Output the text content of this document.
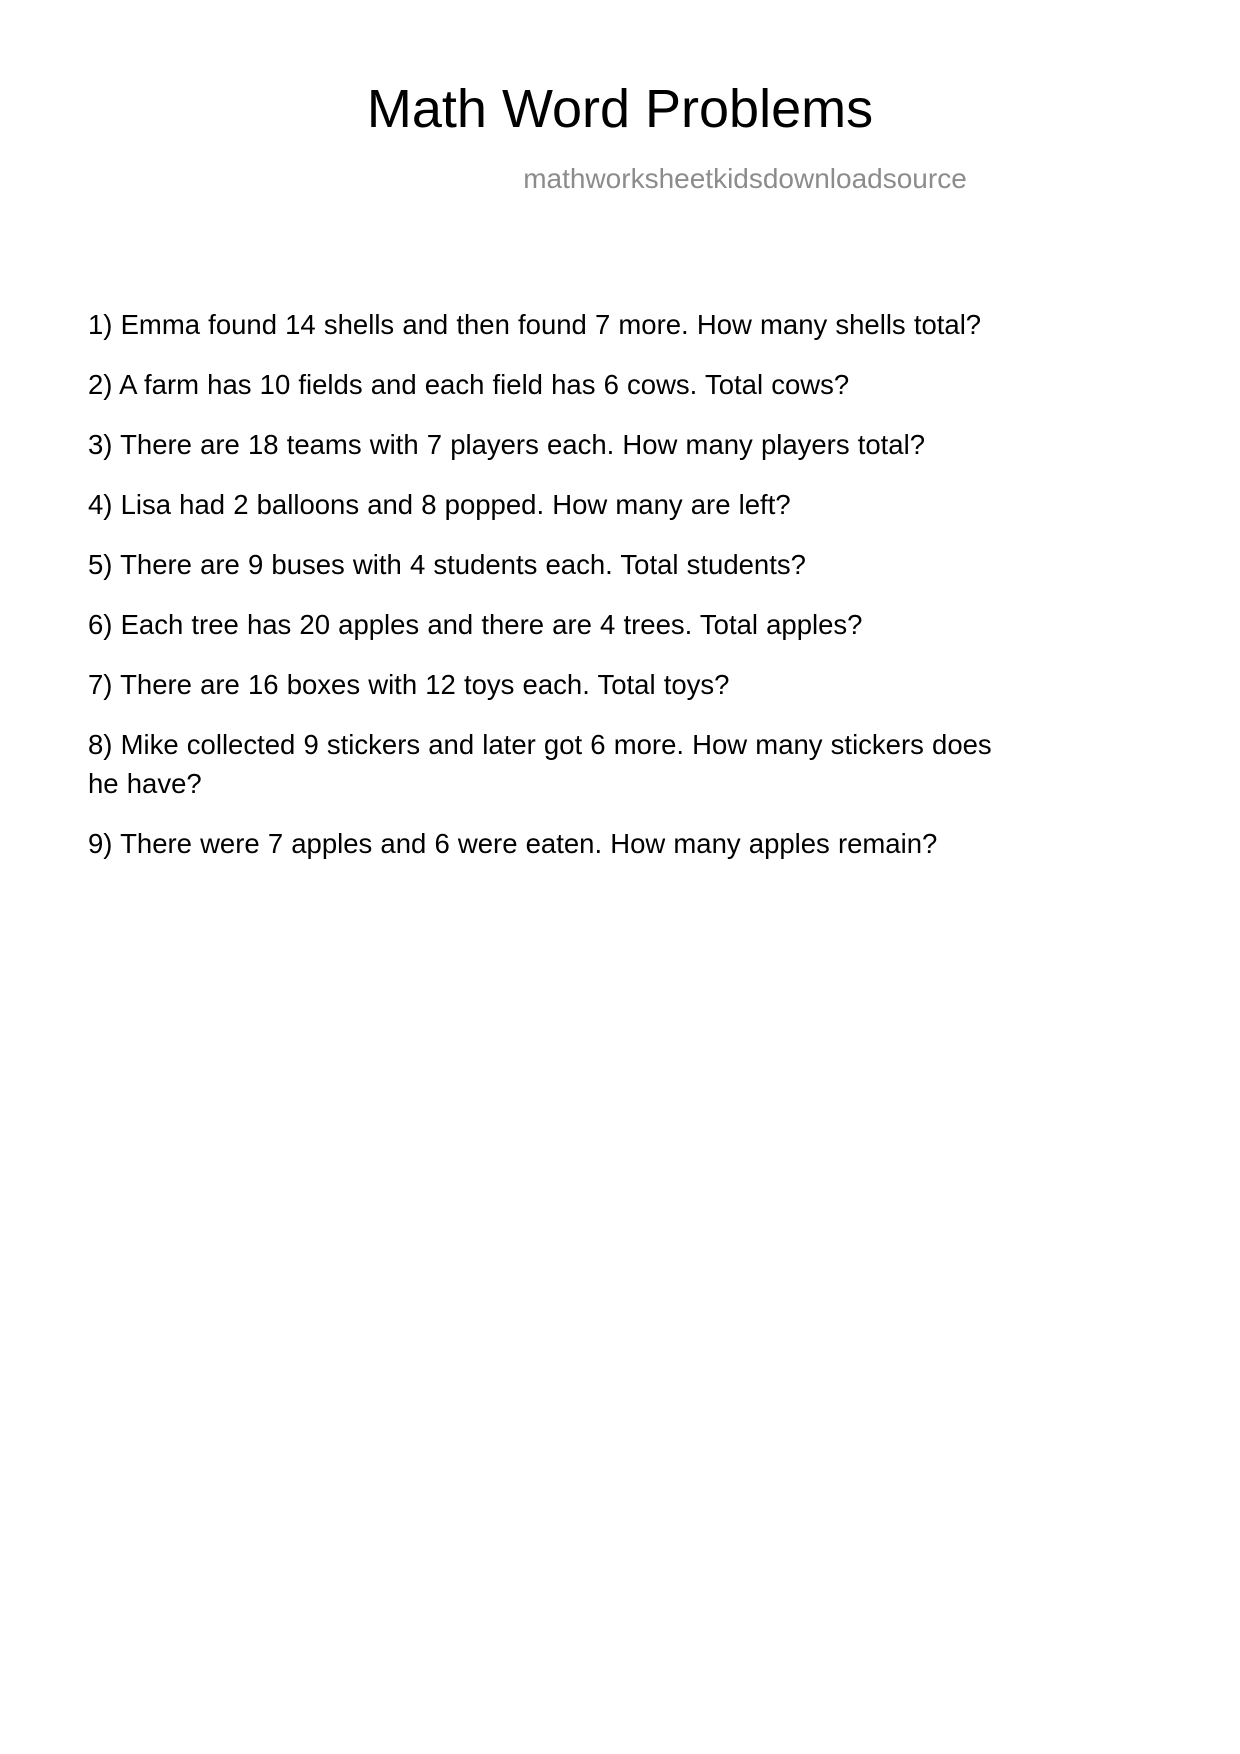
Math Word Problems
mathworksheetkidsdownloadsource

1) Emma found 14 shells and then found 7 more. How many shells total?

2) A farm has 10 fields and each field has 6 cows. Total cows?

3) There are 18 teams with 7 players each. How many players total?

4) Lisa had 2 balloons and 8 popped. How many are left?

5) There are 9 buses with 4 students each. Total students?

6) Each tree has 20 apples and there are 4 trees. Total apples?

7) There are 16 boxes with 12 toys each. Total toys?

8) Mike collected 9 stickers and later got 6 more. How many stickers does he have?

9) There were 7 apples and 6 were eaten. How many apples remain?
